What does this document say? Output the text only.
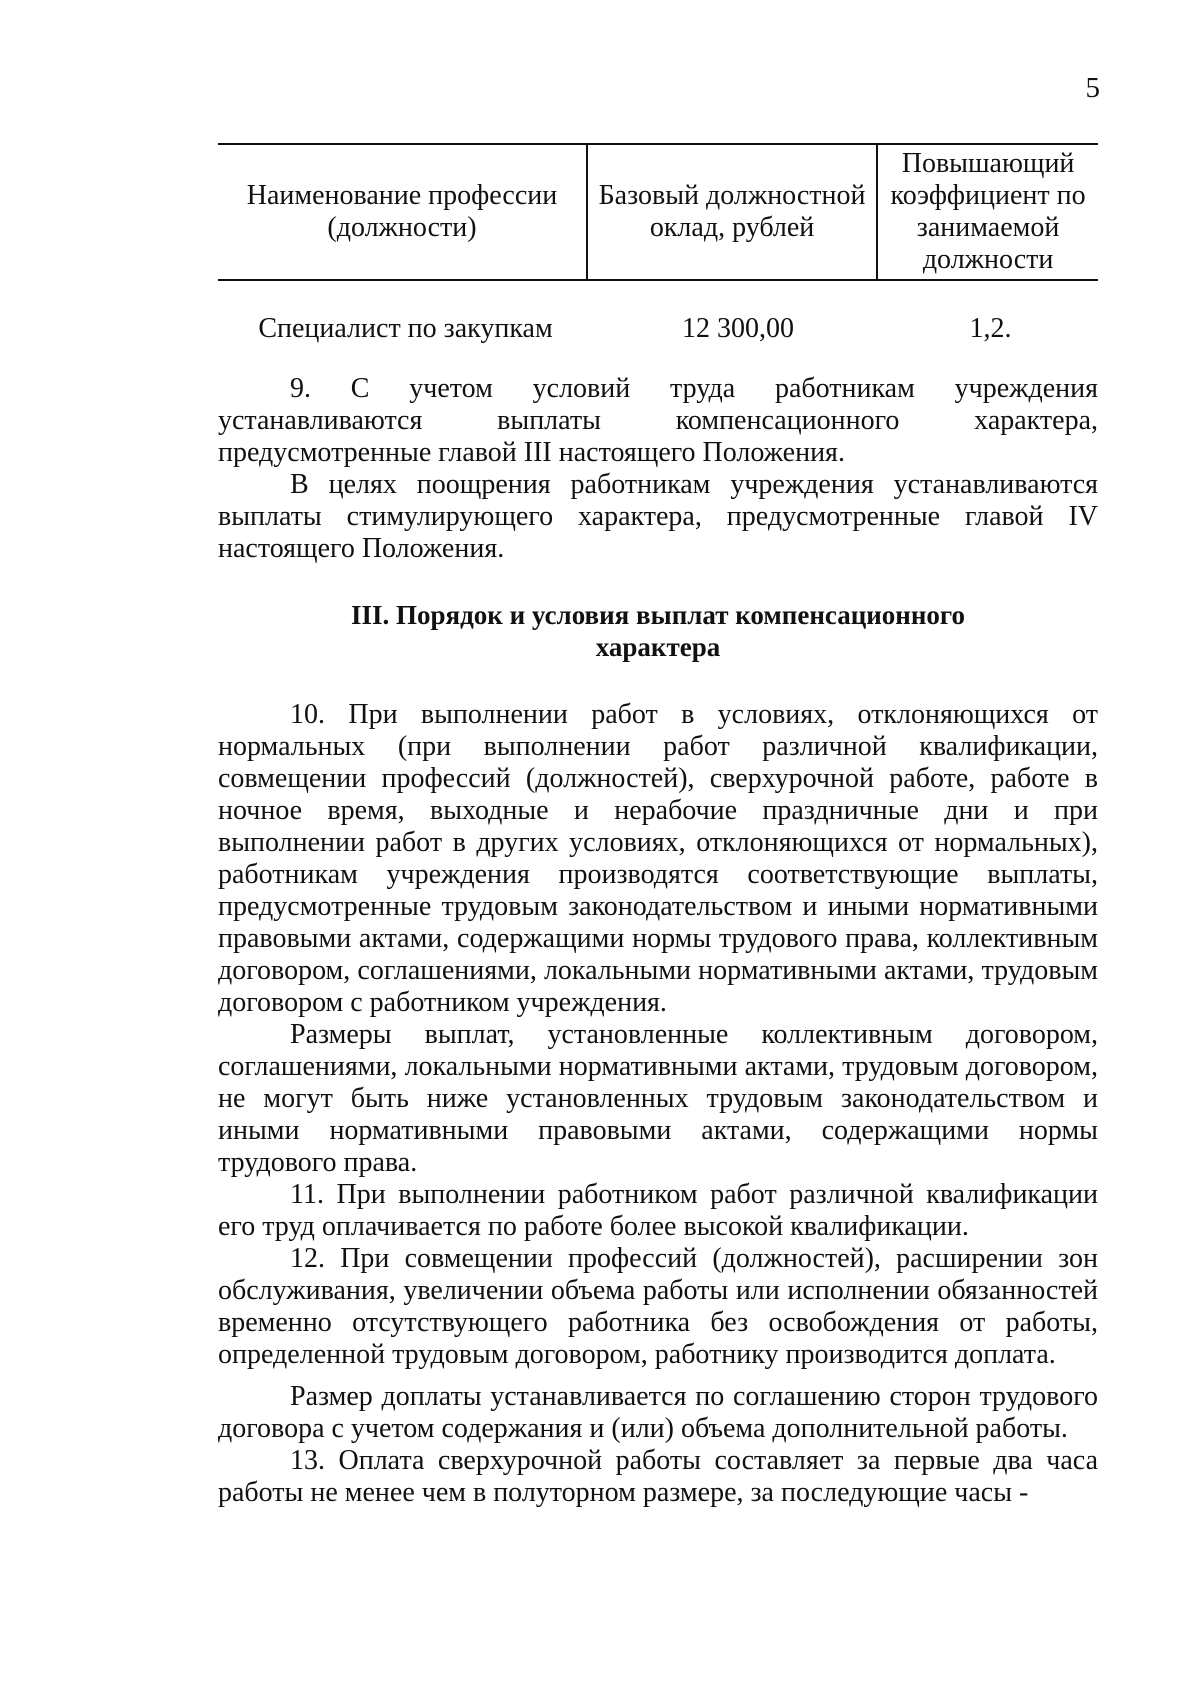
5
Наименование профессии (должности)	Базовый должностной оклад, рублей	Повышающий коэффициент по занимаемой должности
Специалист по закупкам	12 300,00	1,2.

9. С учетом условий труда работникам учреждения устанавливаются выплаты компенсационного характера, предусмотренные главой III настоящего Положения.

В целях поощрения работникам учреждения устанавливаются выплаты стимулирующего характера, предусмотренные главой IV настоящего Положения.

III. Порядок и условия выплат компенсационного
характера

10. При выполнении работ в условиях, отклоняющихся от нормальных (при выполнении работ различной квалификации, совмещении профессий (должностей), сверхурочной работе, работе в ночное время, выходные и нерабочие праздничные дни и при выполнении работ в других условиях, отклоняющихся от нормальных), работникам учреждения производятся соответствующие выплаты, предусмотренные трудовым законодательством и иными нормативными правовыми актами, содержащими нормы трудового права, коллективным договором, соглашениями, локальными нормативными актами, трудовым договором с работником учреждения.

Размеры выплат, установленные коллективным договором, соглашениями, локальными нормативными актами, трудовым договором, не могут быть ниже установленных трудовым законодательством и иными нормативными правовыми актами, содержащими нормы трудового права.

11. При выполнении работником работ различной квалификации его труд оплачивается по работе более высокой квалификации.

12. При совмещении профессий (должностей), расширении зон обслуживания, увеличении объема работы или исполнении обязанностей временно отсутствующего работника без освобождения от работы, определенной трудовым договором, работнику производится доплата.

Размер доплаты устанавливается по соглашению сторон трудового договора с учетом содержания и (или) объема дополнительной работы.

13. Оплата сверхурочной работы составляет за первые два часа работы не менее чем в полуторном размере, за последующие часы -
